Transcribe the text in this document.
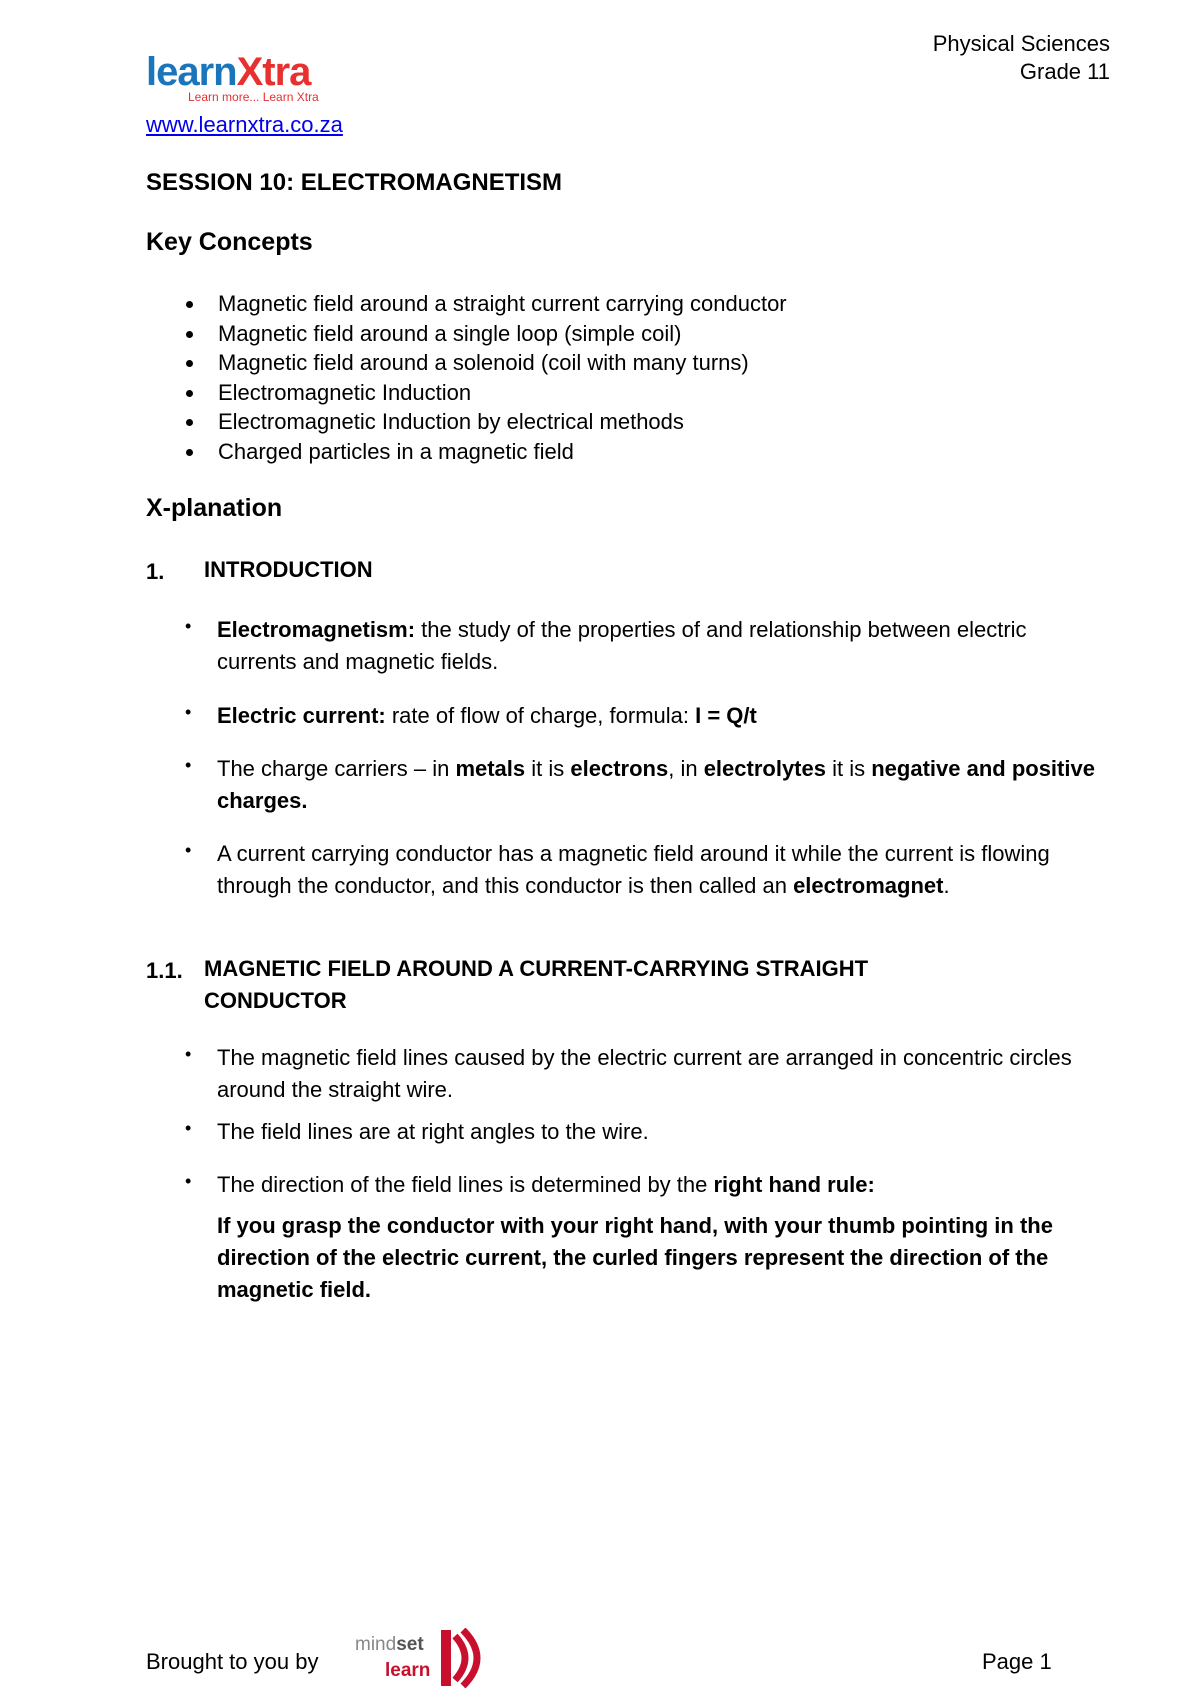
Physical Sciences
Grade 11
learnXtra
Learn more... Learn Xtra
www.learnxtra.co.za
SESSION 10: ELECTROMAGNETISM
Key Concepts
Magnetic field around a straight current carrying conductor
Magnetic field around a single loop (simple coil)
Magnetic field around a solenoid (coil with many turns)
Electromagnetic Induction
Electromagnetic Induction by electrical methods
Charged particles in a magnetic field
X-planation
1. INTRODUCTION
• Electromagnetism: the study of the properties of and relationship between electric currents and magnetic fields.
• Electric current: rate of flow of charge, formula: I = Q/t
• The charge carriers – in metals it is electrons, in electrolytes it is negative and positive charges.
• A current carrying conductor has a magnetic field around it while the current is flowing through the conductor, and this conductor is then called an electromagnet.
1.1. MAGNETIC FIELD AROUND A CURRENT-CARRYING STRAIGHT
CONDUCTOR
• The magnetic field lines caused by the electric current are arranged in concentric circles around the straight wire.
• The field lines are at right angles to the wire.
• The direction of the field lines is determined by the right hand rule:
If you grasp the conductor with your right hand, with your thumb pointing in the direction of the electric current, the curled fingers represent the direction of the magnetic field.
Brought to you by
mindset
learn	Page 1
